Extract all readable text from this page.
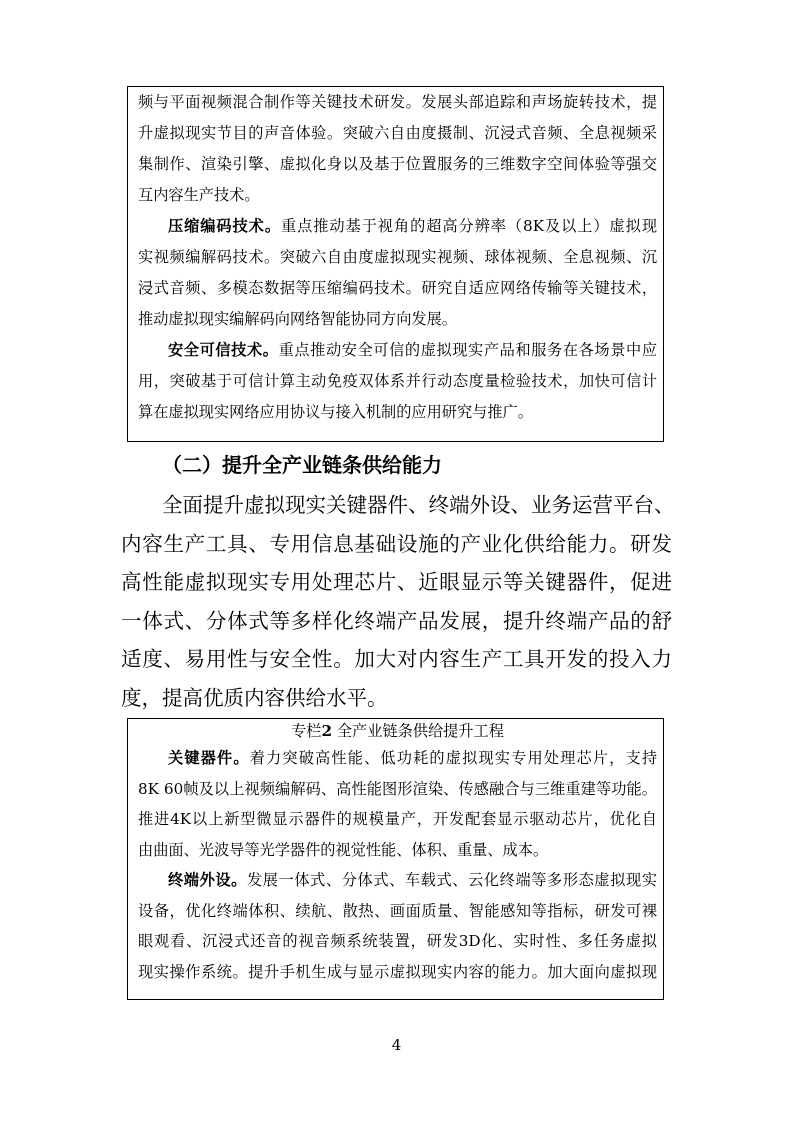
频与平面视频混合制作等关键技术研发。发展头部追踪和声场旋转技术，提
升虚拟现实节目的声音体验。突破六自由度摄制、沉浸式音频、全息视频采
集制作、渲染引擎、虚拟化身以及基于位置服务的三维数字空间体验等强交
互内容生产技术。
压缩编码技术。重点推动基于视角的超高分辨率（8K及以上）虚拟现
实视频编解码技术。突破六自由度虚拟现实视频、球体视频、全息视频、沉
浸式音频、多模态数据等压缩编码技术。研究自适应网络传输等关键技术，
推动虚拟现实编解码向网络智能协同方向发展。
安全可信技术。重点推动安全可信的虚拟现实产品和服务在各场景中应
用，突破基于可信计算主动免疫双体系并行动态度量检验技术，加快可信计
算在虚拟现实网络应用协议与接入机制的应用研究与推广。
（二）提升全产业链条供给能力
全面提升虚拟现实关键器件、终端外设、业务运营平台、
内容生产工具、专用信息基础设施的产业化供给能力。研发
高性能虚拟现实专用处理芯片、近眼显示等关键器件，促进
一体式、分体式等多样化终端产品发展，提升终端产品的舒
适度、易用性与安全性。加大对内容生产工具开发的投入力
度，提高优质内容供给水平。
专栏2 全产业链条供给提升工程
关键器件。着力突破高性能、低功耗的虚拟现实专用处理芯片，支持
8K 60帧及以上视频编解码、高性能图形渲染、传感融合与三维重建等功能。
推进4K以上新型微显示器件的规模量产，开发配套显示驱动芯片，优化自
由曲面、光波导等光学器件的视觉性能、体积、重量、成本。
终端外设。发展一体式、分体式、车载式、云化终端等多形态虚拟现实
设备，优化终端体积、续航、散热、画面质量、智能感知等指标，研发可裸
眼观看、沉浸式还音的视音频系统装置，研发3D化、实时性、多任务虚拟
现实操作系统。提升手机生成与显示虚拟现实内容的能力。加大面向虚拟现
4
